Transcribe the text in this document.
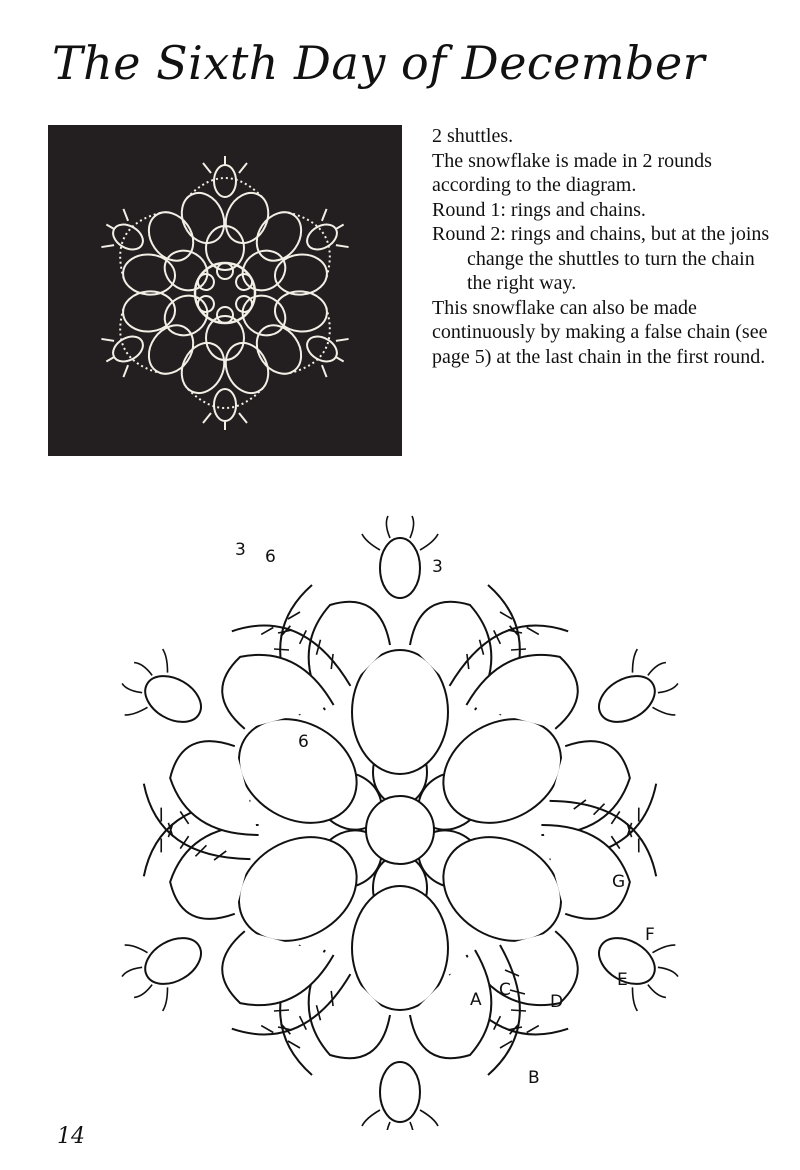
The Sixth Day of December

2 shuttles.

The snowflake is made in 2 rounds according to the diagram.

Round 1: rings and chains.

Round 2: rings and chains, but at the joins change the shuttles to turn the chain the right way.

This snowflake can also be made continuously by making a false chain (see page 5) at the last chain in the first round.

A
B
C
D
E
F
G
3 6	3
6
14
